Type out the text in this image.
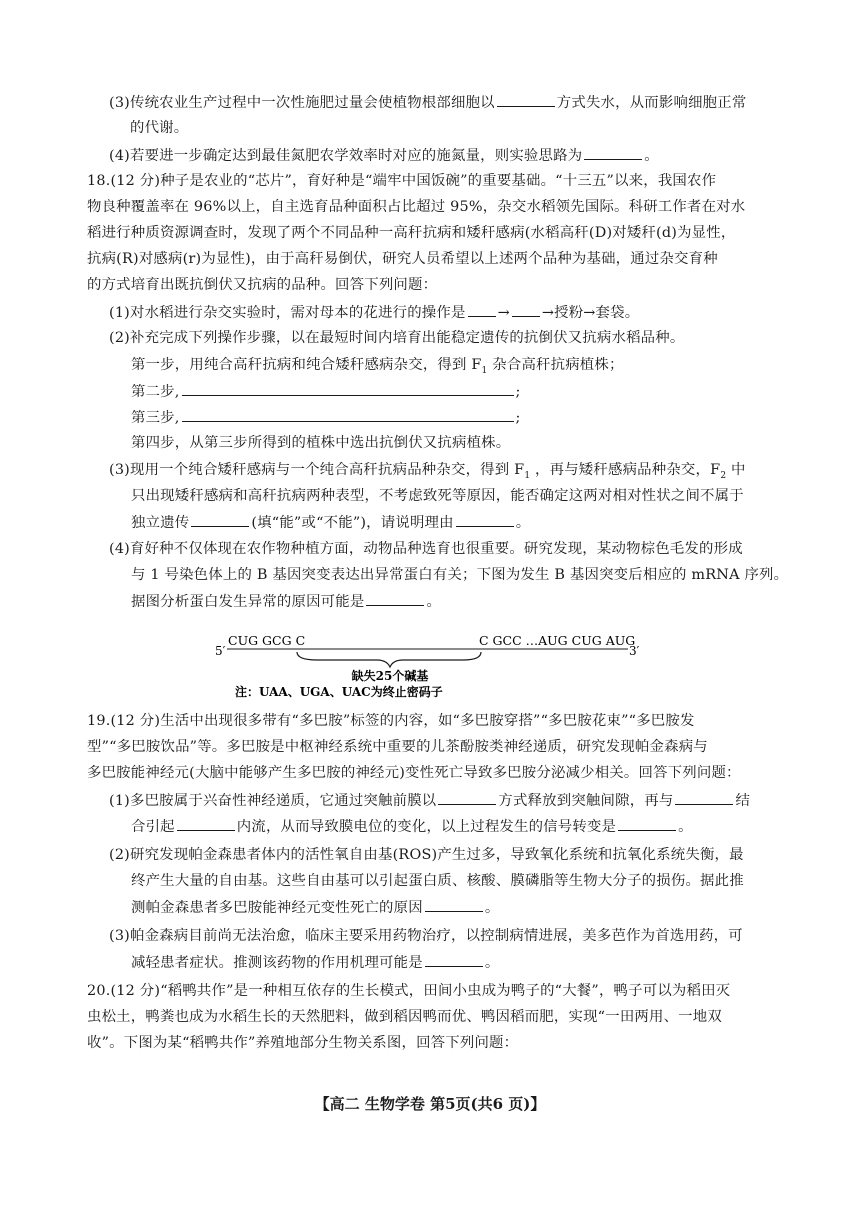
(3)传统农业生产过程中一次性施肥过量会使植物根部细胞以	方式失水，从而影响细胞正常
的代谢。
(4)若要进一步确定达到最佳氮肥农学效率时对应的施氮量，则实验思路为	。
18.(12 分)种子是农业的“芯片”，育好种是“端牢中国饭碗”的重要基础。“十三五”以来，我国农作
物良种覆盖率在 96%以上，自主选育品种面积占比超过 95%，杂交水稻领先国际。科研工作者在对水
稻进行种质资源调查时，发现了两个不同品种一高秆抗病和矮秆感病(水稻高秆(D)对矮秆(d)为显性，
抗病(R)对感病(r)为显性)，由于高秆易倒伏，研究人员希望以上述两个品种为基础，通过杂交育种
的方式培育出既抗倒伏又抗病的品种。回答下列问题：
(1)对水稻进行杂交实验时，需对母本的花进行的操作是 → →授粉→套袋。
(2)补充完成下列操作步骤，以在最短时间内培育出能稳定遗传的抗倒伏又抗病水稻品种。
第一步，用纯合高秆抗病和纯合矮秆感病杂交，得到 $F_1$ 杂合高秆抗病植株；
第二步,	;
第三步,	;
第四步，从第三步所得到的植株中选出抗倒伏又抗病植株。
(3)现用一个纯合矮秆感病与一个纯合高秆抗病品种杂交，得到 $F_1$ ，再与矮秆感病品种杂交，$F_2$ 中
只出现矮秆感病和高秆抗病两种表型，不考虑致死等原因，能否确定这两对相对性状之间不属于
独立遗传	(填“能”或“不能”)，请说明理由	。
(4)育好种不仅体现在农作物种植方面，动物品种选育也很重要。研究发现，某动物棕色毛发的形成
与 1 号染色体上的 B 基因突变表达出异常蛋白有关；下图为发生 B 基因突变后相应的 mRNA 序列。
据图分析蛋白发生异常的原因可能是	。
5′
CUG GCG C	C GCC …AUG CUG AUG
3′
缺失25个碱基
注：UAA、UGA、UAC为终止密码子
19.(12 分)生活中出现很多带有“多巴胺”标签的内容，如“多巴胺穿搭”“多巴胺花束”“多巴胺发
型”“多巴胺饮品”等。多巴胺是中枢神经系统中重要的儿茶酚胺类神经递质，研究发现帕金森病与
多巴胺能神经元(大脑中能够产生多巴胺的神经元)变性死亡导致多巴胺分泌减少相关。回答下列问题：
(1)多巴胺属于兴奋性神经递质，它通过突触前膜以	方式释放到突触间隙，再与	结
合引起	内流，从而导致膜电位的变化，以上过程发生的信号转变是	。
(2)研究发现帕金森患者体内的活性氧自由基(ROS)产生过多，导致氧化系统和抗氧化系统失衡，最
终产生大量的自由基。这些自由基可以引起蛋白质、核酸、膜磷脂等生物大分子的损伤。据此推
测帕金森患者多巴胺能神经元变性死亡的原因	。
(3)帕金森病目前尚无法治愈，临床主要采用药物治疗，以控制病情进展，美多芭作为首选用药，可
减轻患者症状。推测该药物的作用机理可能是	。
20.(12 分)“稻鸭共作”是一种相互依存的生长模式，田间小虫成为鸭子的“大餐”，鸭子可以为稻田灭
虫松土，鸭粪也成为水稻生长的天然肥料，做到稻因鸭而优、鸭因稻而肥，实现“一田两用、一地双
收”。下图为某“稻鸭共作”养殖地部分生物关系图，回答下列问题：
【高二 生物学卷 第5页(共6 页)】
